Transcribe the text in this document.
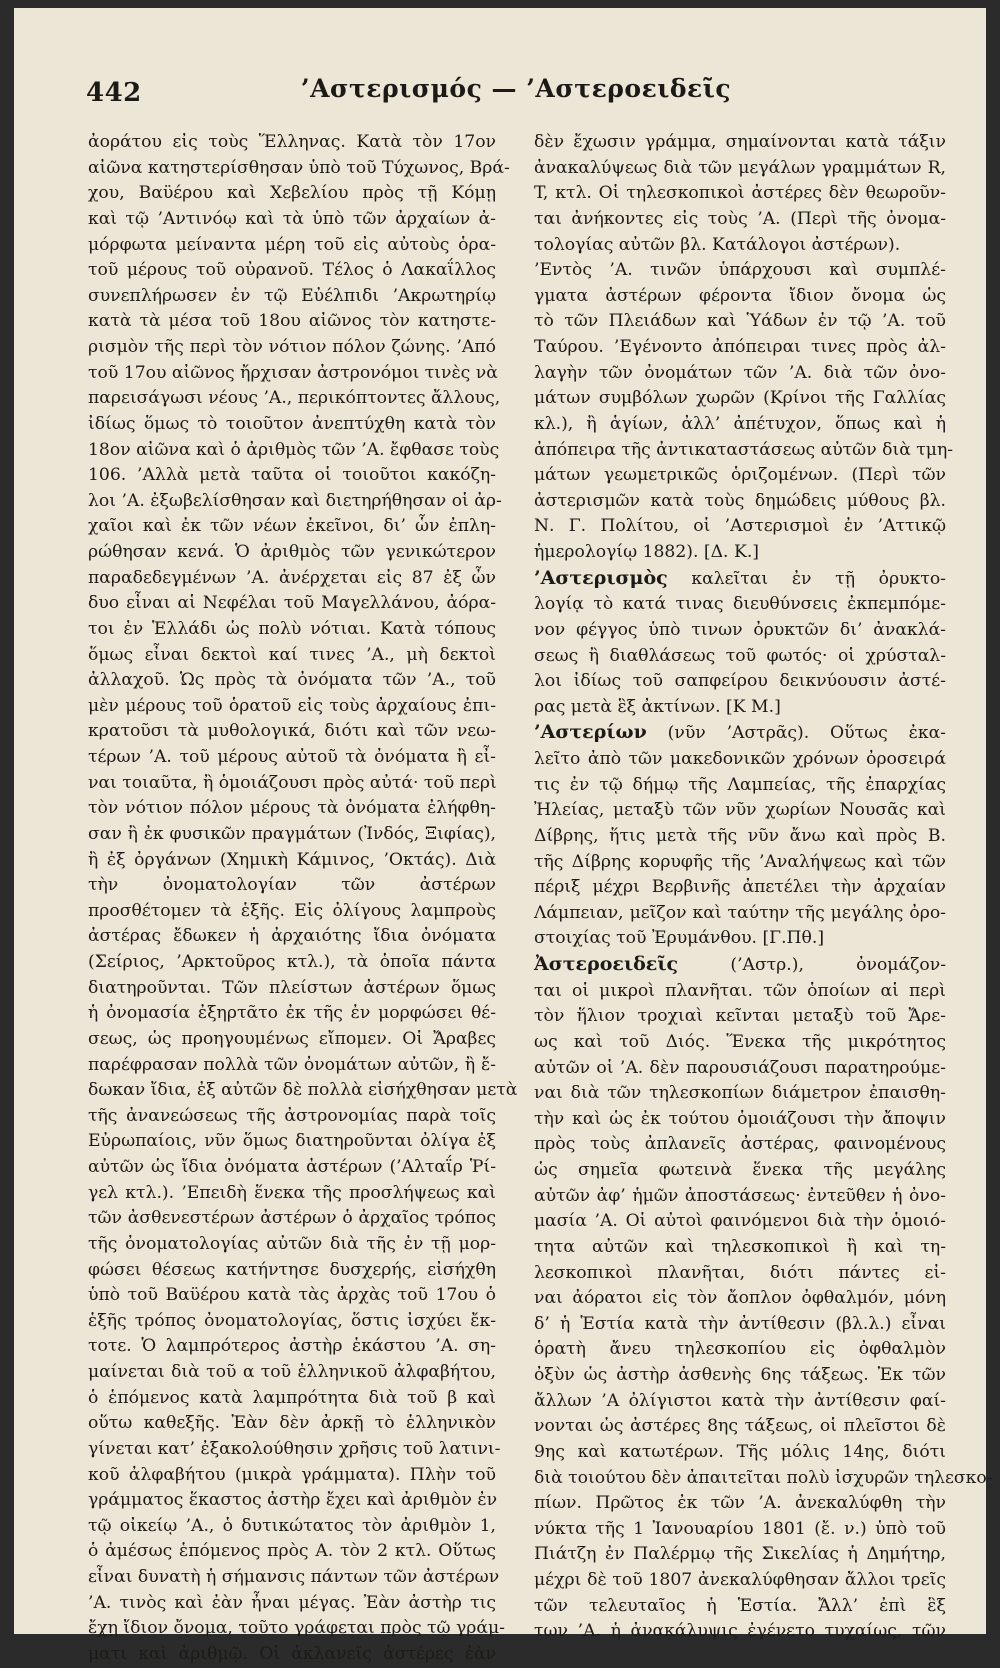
442	’Αστερισμός — ’Αστεροειδεῖς
ἀοράτου εἰς τοὺς Ἕλληνας. Κατὰ τὸν 17ον
αἰῶνα κατηστερίσθησαν ὑπὸ τοῦ Τύχωνος, Βρά-
χου, Βαϋέρου καὶ Χεβελίου πρὸς τῇ Κόμῃ
καὶ τῷ ’Αντινόῳ καὶ τὰ ὑπὸ τῶν ἀρχαίων ἀ-
μόρφωτα μείναντα μέρη τοῦ εἰς αὐτοὺς ὁρα-
τοῦ μέρους τοῦ οὐρανοῦ. Τέλος ὁ Λακαΐλλος
συνεπλήρωσεν ἐν τῷ Εὐέλπιδι ’Ακρωτηρίῳ
κατὰ τὰ μέσα τοῦ 18ου αἰῶνος τὸν κατηστε-
ρισμὸν τῆς περὶ τὸν νότιον πόλον ζώνης. ’Από
τοῦ 17ου αἰῶνος ἤρχισαν ἀστρονόμοι τινὲς νὰ
παρεισάγωσι νέους ’Α., περικόπτοντες ἄλλους,
ἰδίως ὅμως τὸ τοιοῦτον ἀνεπτύχθη κατὰ τὸν
18ον αἰῶνα καὶ ὁ ἀριθμὸς τῶν ’Α. ἔφθασε τοὺς
106. ’Αλλὰ μετὰ ταῦτα οἱ τοιοῦτοι κακόζη-
λοι ’Α. ἐξωβελίσθησαν καὶ διετηρήθησαν οἱ ἀρ-
χαῖοι καὶ ἐκ τῶν νέων ἐκεῖνοι, δι’ ὧν ἐπλη-
ρώθησαν κενά. Ὁ ἀριθμὸς τῶν γενικώτερον
παραδεδεγμένων ’Α. ἀνέρχεται εἰς 87 ἐξ ὧν
δυο εἶναι αἱ Νεφέλαι τοῦ Μαγελλάνου, ἀόρα-
τοι ἐν Ἑλλάδι ὡς πολὺ νότιαι. Κατὰ τόπους
ὅμως εἶναι δεκτοὶ καί τινες ’Α., μὴ δεκτοὶ
ἀλλαχοῦ. Ὡς πρὸς τὰ ὀνόματα τῶν ’Α., τοῦ
μὲν μέρους τοῦ ὁρατοῦ εἰς τοὺς ἀρχαίους ἐπι-
κρατοῦσι τὰ μυθολογικά, διότι καὶ τῶν νεω-
τέρων ’Α. τοῦ μέρους αὐτοῦ τὰ ὀνόματα ἢ εἶ-
ναι τοιαῦτα, ἢ ὁμοιάζουσι πρὸς αὐτά· τοῦ περὶ
τὸν νότιον πόλον μέρους τὰ ὀνόματα ἐλήφθη-
σαν ἢ ἐκ φυσικῶν πραγμάτων (Ἰνδός, Ξιφίας),
ἢ ἐξ ὀργάνων (Χημικὴ Κάμινος, ’Οκτάς). Διὰ
τὴν ὀνοματολογίαν τῶν ἀστέρων
προσθέτομεν τὰ ἑξῆς. Εἰς ὀλίγους λαμπροὺς
ἀστέρας ἔδωκεν ἡ ἀρχαιότης ἴδια ὀνόματα
(Σείριος, ’Αρκτοῦρος κτλ.), τὰ ὁποῖα πάντα
διατηροῦνται. Τῶν πλείστων ἀστέρων ὅμως
ἡ ὀνομασία ἐξηρτᾶτο ἐκ τῆς ἐν μορφώσει θέ-
σεως, ὡς προηγουμένως εἴπομεν. Οἱ Ἄραβες
παρέφρασαν πολλὰ τῶν ὀνομάτων αὐτῶν, ἢ ἔ-
δωκαν ἴδια, ἐξ αὐτῶν δὲ πολλὰ εἰσήχθησαν μετὰ
τῆς ἀνανεώσεως τῆς ἀστρονομίας παρὰ τοῖς
Εὐρωπαίοις, νῦν ὅμως διατηροῦνται ὀλίγα ἐξ
αὐτῶν ὡς ἴδια ὀνόματα ἀστέρων (’Αλταΐρ Ῥί-
γελ κτλ.). ’Επειδὴ ἕνεκα τῆς προσλήψεως καὶ
τῶν ἀσθενεστέρων ἀστέρων ὁ ἀρχαῖος τρόπος
τῆς ὀνοματολογίας αὐτῶν διὰ τῆς ἐν τῇ μορ-
φώσει θέσεως κατήντησε δυσχερής, εἰσήχθη
ὑπὸ τοῦ Βαϋέρου κατὰ τὰς ἀρχὰς τοῦ 17ου ὁ
ἑξῆς τρόπος ὀνοματολογίας, ὅστις ἰσχύει ἔκ-
τοτε. Ὁ λαμπρότερος ἀστὴρ ἑκάστου ’Α. ση-
μαίνεται διὰ τοῦ α τοῦ ἑλληνικοῦ ἀλφαβήτου,
ὁ ἑπόμενος κατὰ λαμπρότητα διὰ τοῦ β καὶ
οὕτω καθεξῆς. Ἐὰν δὲν ἀρκῇ τὸ ἑλληνικὸν
γίνεται κατ’ ἐξακολούθησιν χρῆσις τοῦ λατινι-
κοῦ ἀλφαβήτου (μικρὰ γράμματα). Πλὴν τοῦ
γράμματος ἕκαστος ἀστὴρ ἔχει καὶ ἀριθμὸν ἐν
τῷ οἰκείῳ ’Α., ὁ δυτικώτατος τὸν ἀριθμὸν 1,
ὁ ἀμέσως ἑπόμενος πρὸς Α. τὸν 2 κτλ. Οὕτως
εἶναι δυνατὴ ἡ σήμανσις πάντων τῶν ἀστέρων
’Α. τινὸς καὶ ἐὰν ἦναι μέγας. Ἐὰν ἀστὴρ τις
ἔχῃ ἴδιον ὄνομα, τοῦτο γράφεται πρὸς τῷ γράμ-
ματι καὶ ἀριθμῷ. Οἱ ἀκλανεῖς ἀστέρες ἐὰν
δὲν ἔχωσιν γράμμα, σημαίνονται κατὰ τάξιν
ἀνακαλύψεως διὰ τῶν μεγάλων γραμμάτων R,
T, κτλ. Οἱ τηλεσκοπικοὶ ἀστέρες δὲν θεωροῦν-
ται ἀνήκοντες εἰς τοὺς ’Α. (Περὶ τῆς ὀνομα-
τολογίας αὐτῶν βλ. Κατάλογοι ἀστέρων).
’Εντὸς ’Α. τινῶν ὑπάρχουσι καὶ συμπλέ-
γματα ἀστέρων φέροντα ἴδιον ὄνομα ὡς
τὸ τῶν Πλειάδων καὶ Ὑάδων ἐν τῷ ’Α. τοῦ
Ταύρου. ’Εγένοντο ἀπόπειραι τινες πρὸς ἀλ-
λαγὴν τῶν ὀνομάτων τῶν ’Α. διὰ τῶν ὀνο-
μάτων συμβόλων χωρῶν (Κρίνοι τῆς Γαλλίας
κλ.), ἢ ἁγίων, ἀλλ’ ἀπέτυχον, ὅπως καὶ ἡ
ἀπόπειρα τῆς ἀντικαταστάσεως αὐτῶν διὰ τμη-
μάτων γεωμετρικῶς ὁριζομένων. (Περὶ τῶν
ἀστερισμῶν κατὰ τοὺς δημώδεις μύθους βλ.
Ν. Γ. Πολίτου, οἱ ’Αστερισμοὶ ἐν ’Αττικῷ
ἡμερολογίῳ 1882). [Δ. Κ.]
’Αστερισμὸς καλεῖται ἐν τῇ ὀρυκτο-
λογίᾳ τὸ κατά τινας διευθύνσεις ἐκπεμπόμε-
νον φέγγος ὑπὸ τινων ὀρυκτῶν δι’ ἀνακλά-
σεως ἢ διαθλάσεως τοῦ φωτός· οἱ χρύσταλ-
λοι ἰδίως τοῦ σαπφείρου δεικνύουσιν ἀστέ-
ρας μετὰ ἓξ ἀκτίνων. [Κ Μ.]
’Αστερίων (νῦν ’Αστρᾶς). Οὕτως ἐκα-
λεῖτο ἀπὸ τῶν μακεδονικῶν χρόνων ὀροσειρά
τις ἐν τῷ δήμῳ τῆς Λαμπείας, τῆς ἐπαρχίας
Ἠλείας, μεταξὺ τῶν νῦν χωρίων Νουσᾶς καὶ
Δίβρης, ἥτις μετὰ τῆς νῦν ἄνω καὶ πρὸς Β.
τῆς Δίβρης κορυφῆς τῆς ’Αναλήψεως καὶ τῶν
πέριξ μέχρι Βερβινῆς ἀπετέλει τὴν ἀρχαίαν
Λάμπειαν, μεῖζον καὶ ταύτην τῆς μεγάλης ὀρο-
στοιχίας τοῦ Ἐρυμάνθου. [Γ.Πθ.]
Ἀστεροειδεῖς (’Αστρ.), ὀνομάζον-
ται οἱ μικροὶ πλανῆται. τῶν ὁποίων αἱ περὶ
τὸν ἥλιον τροχιαὶ κεῖνται μεταξὺ τοῦ Ἄρε-
ως καὶ τοῦ Διός. Ἕνεκα τῆς μικρότητος
αὐτῶν οἱ ’Α. δὲν παρουσιάζουσι παρατηρούμε-
ναι διὰ τῶν τηλεσκοπίων διάμετρον ἐπαισθη-
τὴν καὶ ὡς ἐκ τούτου ὁμοιάζουσι τὴν ἄποψιν
πρὸς τοὺς ἀπλανεῖς ἀστέρας, φαινομένους
ὡς σημεῖα φωτεινὰ ἕνεκα τῆς μεγάλης
αὐτῶν ἀφ’ ἡμῶν ἀποστάσεως· ἐντεῦθεν ἡ ὀνο-
μασία ’Α. Οἱ αὐτοὶ φαινόμενοι διὰ τὴν ὁμοιό-
τητα αὐτῶν καὶ τηλεσκοπικοὶ ἢ καὶ τη-
λεσκοπικοὶ πλανῆται, διότι πάντες εἰ-
ναι ἀόρατοι εἰς τὸν ἄοπλον ὀφθαλμόν, μόνη
δ’ ἡ Ἑστία κατὰ τὴν ἀντίθεσιν (βλ.λ.) εἶναι
ὁρατὴ ἄνευ τηλεσκοπίου εἰς ὀφθαλμὸν
ὀξὺν ὡς ἀστὴρ ἀσθενὴς 6ης τάξεως. Ἐκ τῶν
ἄλλων ’Α ὀλίγιστοι κατὰ τὴν ἀντίθεσιν φαί-
νονται ὡς ἀστέρες 8ης τάξεως, οἱ πλεῖστοι δὲ
9ης καὶ κατωτέρων. Τῆς μόλις 14ης, διότι
διὰ τοιούτου δὲν ἀπαιτεῖται πολὺ ἰσχυρῶν τηλεσκο-
πίων. Πρῶτος ἐκ τῶν ’Α. ἀνεκαλύφθη τὴν
νύκτα τῆς 1 Ἰανουαρίου 1801 (ἔ. ν.) ὑπὸ τοῦ
Πιάτζη ἐν Παλέρμῳ τῆς Σικελίας ἡ Δημήτηρ,
μέχρι δὲ τοῦ 1807 ἀνεκαλύφθησαν ἄλλοι τρεῖς
τῶν τελευταῖος ἡ Ἑστία. Ἄλλ’ ἐπὶ ἓξ
των ’Α. ἡ ἀνακάλυψις ἐγένετο τυχαίως, τῶν
